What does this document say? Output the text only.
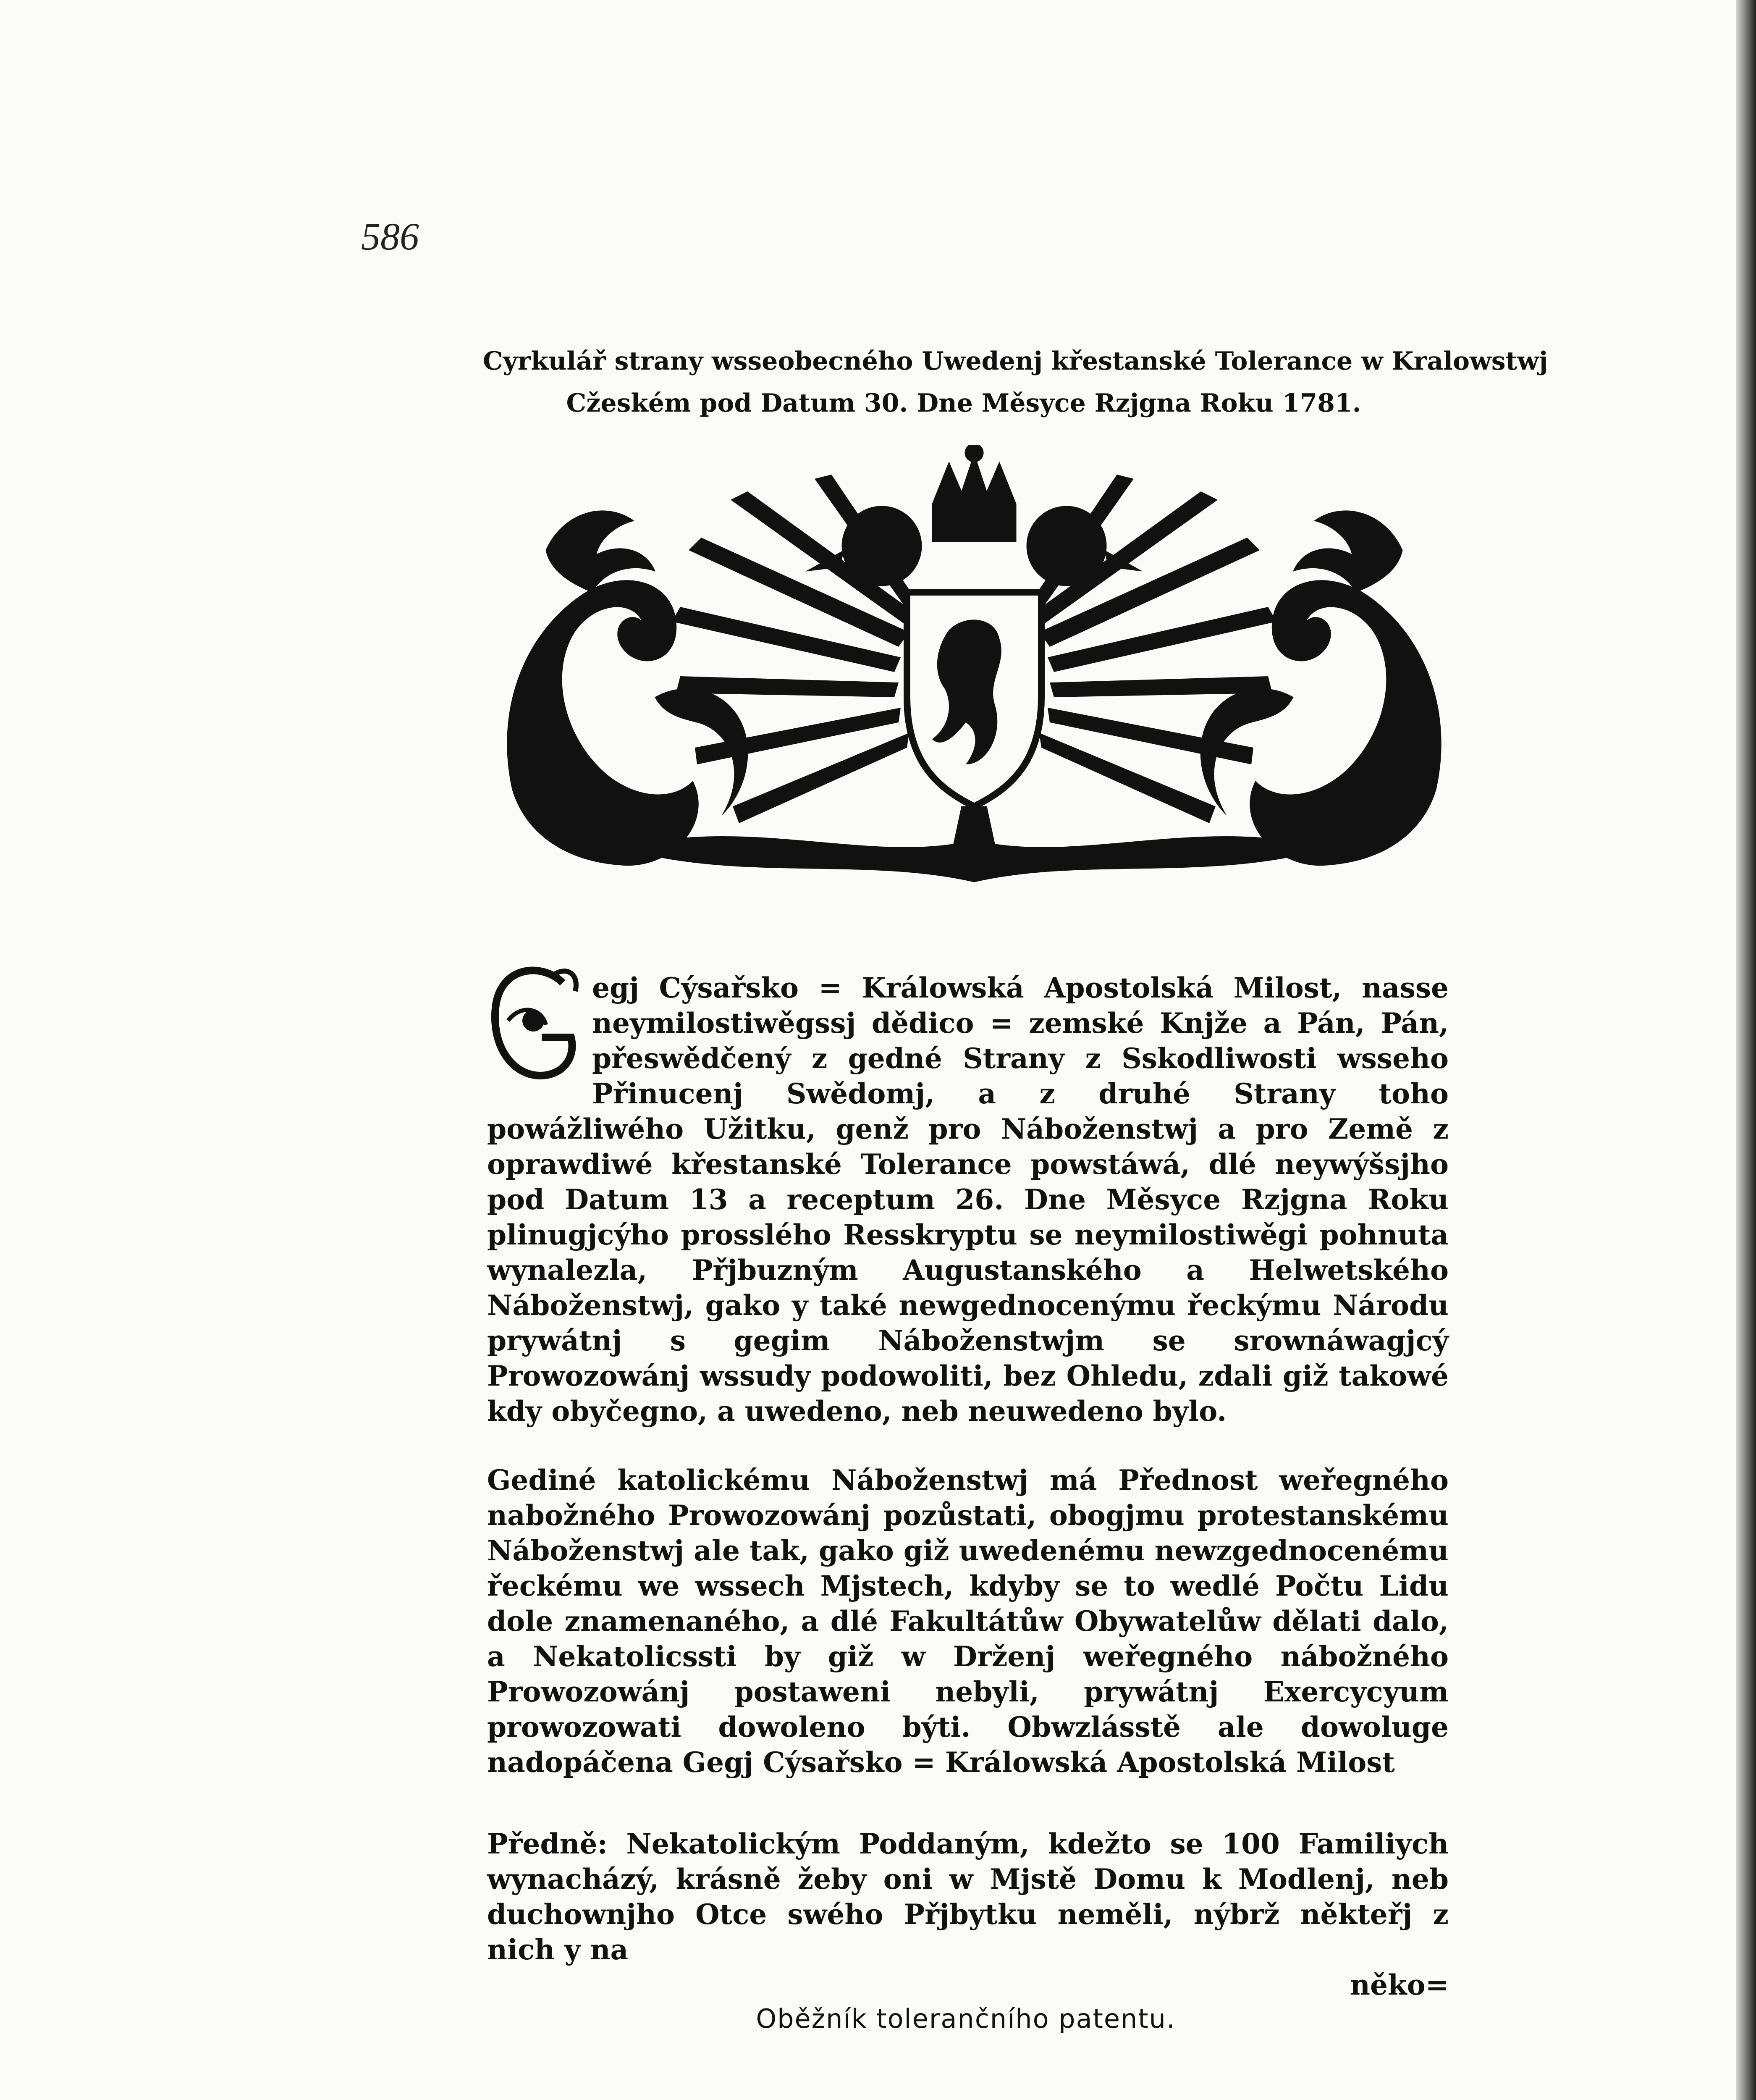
586
Cyrkulář strany wsseobecného Uwedenj křestanské Tolerance w Kralowstwj
Cžeském pod Datum 30. Dne Měsyce Rzjgna Roku 1781.
egj Cýsařsko = Králowská Apostolská Milost, nasse neymilostiwěgssj dědico = zemské Knjže a Pán, Pán, přeswědčený z gedné Strany z Sskodliwosti wsseho Přinucenj Swědomj, a z druhé Strany toho powážliwého Užitku, genž pro Náboženstwj a pro Země z oprawdiwé křestanské Tolerance powstáwá, dlé neywýšsjho pod Datum 13 a receptum 26. Dne Měsyce Rzjgna Roku plinugjcýho prosslého Resskryptu se neymilostiwěgi pohnuta wynalezla, Přjbuzným Augustanského a Helwetského Náboženstwj, gako y také newgednocenýmu řeckýmu Národu prywátnj s gegim Náboženstwjm se srownáwagjcý Prowozowánj wssudy podowoliti, bez Ohledu, zdali giž takowé kdy obyčegno, a uwedeno, neb neuwedeno bylo.

Gediné katolickému Náboženstwj má Přednost weřegného nabožného Prowozowánj pozůstati, obogjmu protestanskému Náboženstwj ale tak, gako giž uwedenému newzgednocenému řeckému we wssech Mjstech, kdyby se to wedlé Počtu Lidu dole znamenaného, a dlé Fakultátůw Obywatelůw dělati dalo, a Nekatolicssti by giž w Drženj weřegného nábožného Prowozowánj postaweni nebyli, prywátnj Exercycyum prowozowati dowoleno býti. Obwzlásstě ale dowoluge nadopáčena Gegj Cýsařsko = Králowská Apostolská Milost

Předně: Nekatolickým Poddaným, kdežto se 100 Familiych wynacházý, krásně žeby oni w Mjstě Domu k Modlenj, neb duchownjho Otce swého Přjbytku neměli, nýbrž někteřj z nich y na

něko=
Oběžník tolerančního patentu.
